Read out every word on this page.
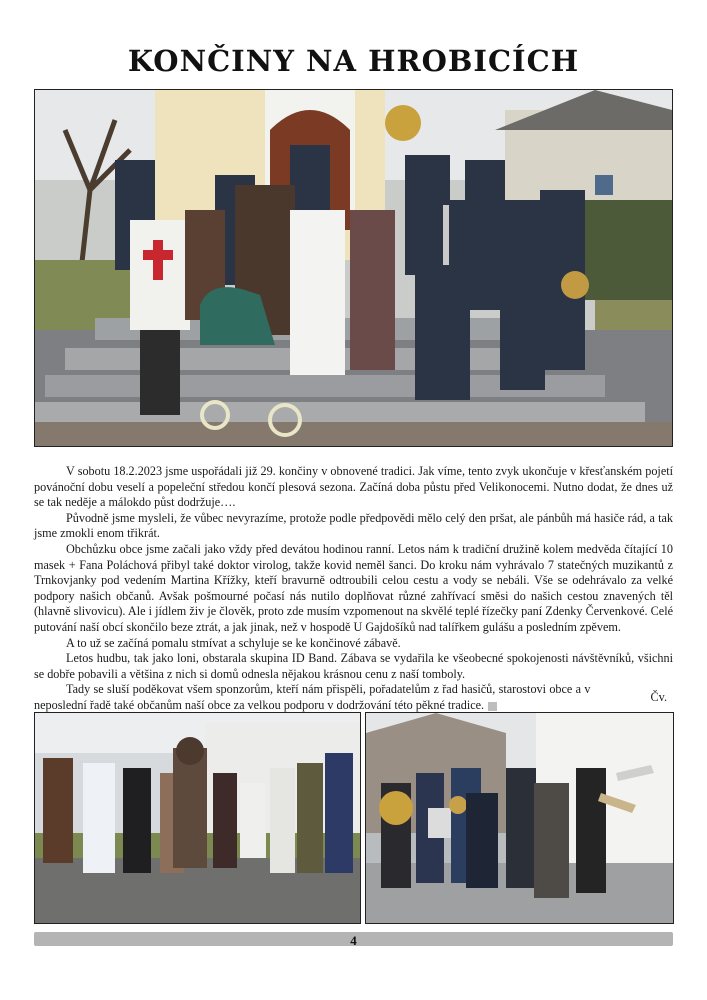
KONČINY NA HROBICÍCH

V sobotu 18.2.2023 jsme uspořádali již 29. končiny v obnovené tradici. Jak víme, tento zvyk ukončuje v křesťanském pojetí povánoční dobu veselí a popeleční středou končí plesová sezona. Začíná doba půstu před Velikonocemi. Nutno dodat, že dnes už se tak neděje a málokdo půst dodržuje….

Původně jsme mysleli, že vůbec nevyrazíme, protože podle předpovědi mělo celý den pršat, ale pánbůh má hasiče rád, a tak jsme zmokli enom třikrát.

Obchůzku obce jsme začali jako vždy před devátou hodinou ranní. Letos nám k tradiční družině kolem medvěda čítající 10 masek + Fana Poláchová přibyl také doktor virolog, takže kovid neměl šanci. Do kroku nám vyhrávalo 7 statečných muzikantů z Trnkovjanky pod vedením Martina Křížky, kteří bravurně odtroubili celou cestu a vody se nebáli. Vše se odehrávalo za velké podpory našich občanů. Avšak pošmourné počasí nás nutilo doplňovat různé zahřívací směsi do našich cestou znavených těl (hlavně slivovicu). Ale i jídlem živ je člověk, proto zde musím vzpomenout na skvělé teplé řízečky paní Zdenky Červenkové. Celé putování naší obcí skončilo beze ztrát, a jak jinak, než v hospodě U Gajdošíků nad talířkem gulášu a posledním zpěvem.

A to už se začíná pomalu stmívat a schyluje se ke končinové zábavě.

Letos hudbu, tak jako loni, obstarala skupina ID Band. Zábava se vydařila ke všeobecné spokojenosti návštěvníků, všichni se dobře pobavili a většina z nich si domů odnesla nějakou krásnou cenu z naší tomboly.

Tady se sluší poděkovat všem sponzorům, kteří nám přispěli, pořadatelům z řad hasičů, starostovi obce a v neposlední řadě také občanům naší obce za velkou podporu v dodržování této pěkné tradice.

Čv.
4
